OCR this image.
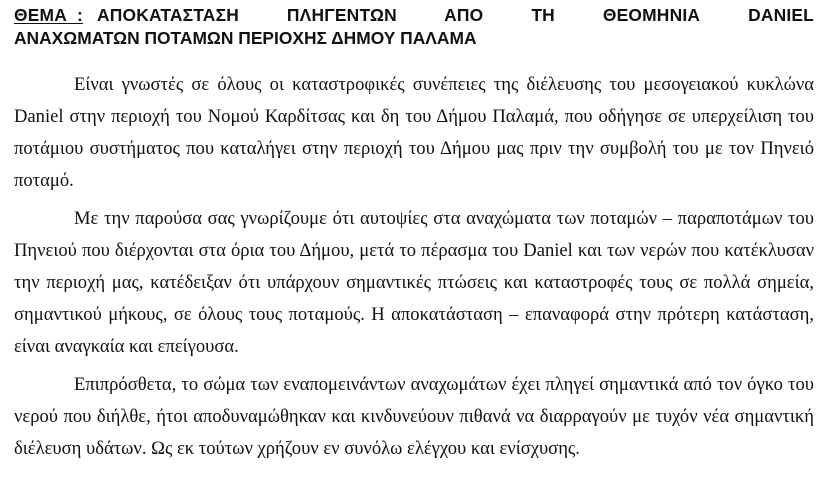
ΘΕΜΑ  : ΑΠΟΚΑΤΑΣΤΑΣΗ ΠΛΗΓΕΝΤΩΝ ΑΠΟ ΤΗ ΘΕΟΜΗΝΙΑ DANIEL
ΑΝΑΧΩΜΑΤΩΝ ΠΟΤΑΜΩΝ ΠΕΡΙΟΧΗΣ ΔΗΜΟΥ ΠΑΛΑΜΑ

Είναι γνωστές σε όλους οι καταστροφικές συνέπειες της διέλευσης του μεσογειακού κυκλώνα Daniel στην περιοχή του Νομού Καρδίτσας και δη του Δήμου Παλαμά, που οδήγησε σε υπερχείλιση του ποτάμιου συστήματος που καταλήγει στην περιοχή του Δήμου μας πριν την συμβολή του με τον Πηνειό ποταμό.

Με την παρούσα σας γνωρίζουμε ότι αυτοψίες στα αναχώματα των ποταμών – παραποτάμων του Πηνειού που διέρχονται στα όρια του Δήμου, μετά το πέρασμα του Daniel και των νερών που κατέκλυσαν την περιοχή μας, κατέδειξαν ότι υπάρχουν σημαντικές πτώσεις και καταστροφές τους σε πολλά σημεία, σημαντικού μήκους, σε όλους τους ποταμούς. Η αποκατάσταση – επαναφορά στην πρότερη κατάσταση, είναι αναγκαία και επείγουσα.

Επιπρόσθετα, το σώμα των εναπομεινάντων αναχωμάτων έχει πληγεί σημαντικά από τον όγκο του νερού που διήλθε, ήτοι αποδυναμώθηκαν και κινδυνεύουν πιθανά να διαρραγούν με τυχόν νέα σημαντική διέλευση υδάτων. Ως εκ τούτων χρήζουν εν συνόλω ελέγχου και ενίσχυσης.
